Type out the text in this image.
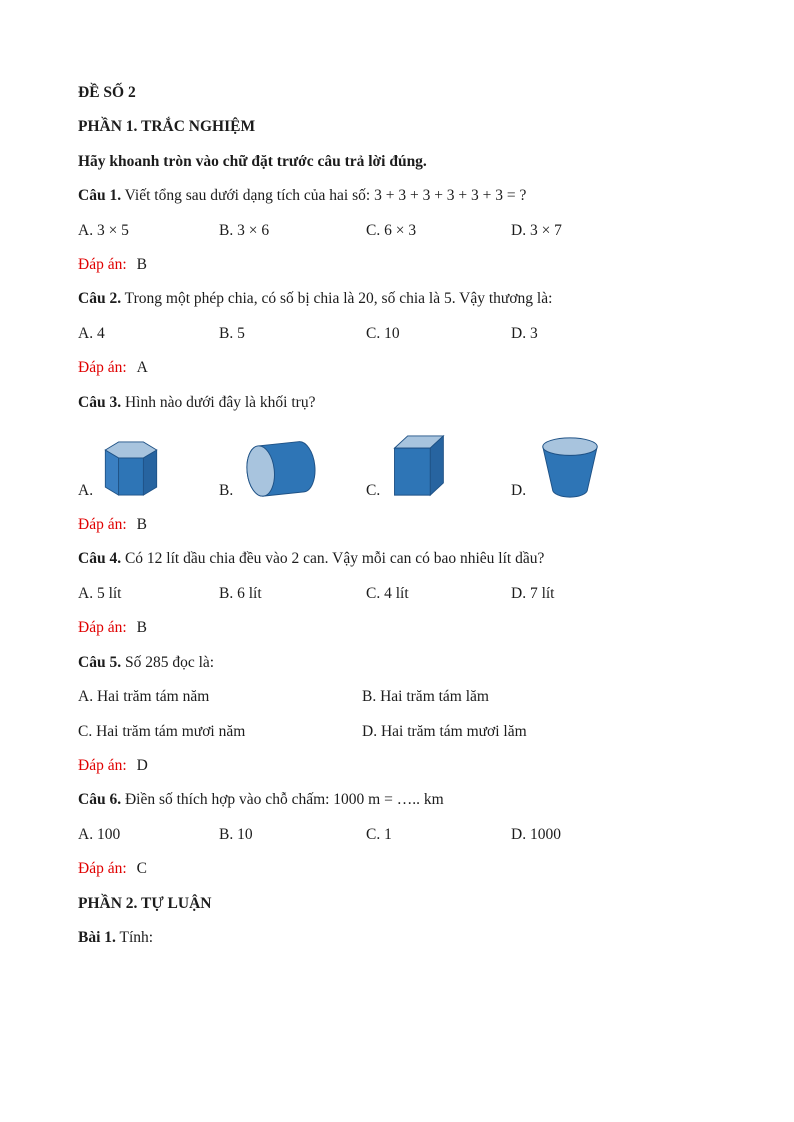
ĐỀ SỐ 2

PHẦN 1. TRẮC NGHIỆM

Hãy khoanh tròn vào chữ đặt trước câu trả lời đúng.

Câu 1. Viết tổng sau dưới dạng tích của hai số: 3 + 3 + 3 + 3 + 3 + 3 = ?

A. 3 × 5	B. 3 × 6	C. 6 × 3	D. 3 × 7

Đáp án: B

Câu 2. Trong một phép chia, có số bị chia là 20, số chia là 5. Vậy thương là:

A. 4	B. 5	C. 10	D. 3

Đáp án: A

Câu 3. Hình nào dưới đây là khối trụ?

A.	B.	C.	D.

Đáp án: B

Câu 4. Có 12 lít dầu chia đều vào 2 can. Vậy mỗi can có bao nhiêu lít dầu?

A. 5 lít	B. 6 lít	C. 4 lít	D. 7 lít

Đáp án: B

Câu 5. Số 285 đọc là:

A. Hai trăm tám năm	B. Hai trăm tám lăm
C. Hai trăm tám mươi năm	D. Hai trăm tám mươi lăm

Đáp án: D

Câu 6. Điền số thích hợp vào chỗ chấm: 1000 m = ….. km

A. 100	B. 10	C. 1	D. 1000

Đáp án: C

PHẦN 2. TỰ LUẬN

Bài 1. Tính:
